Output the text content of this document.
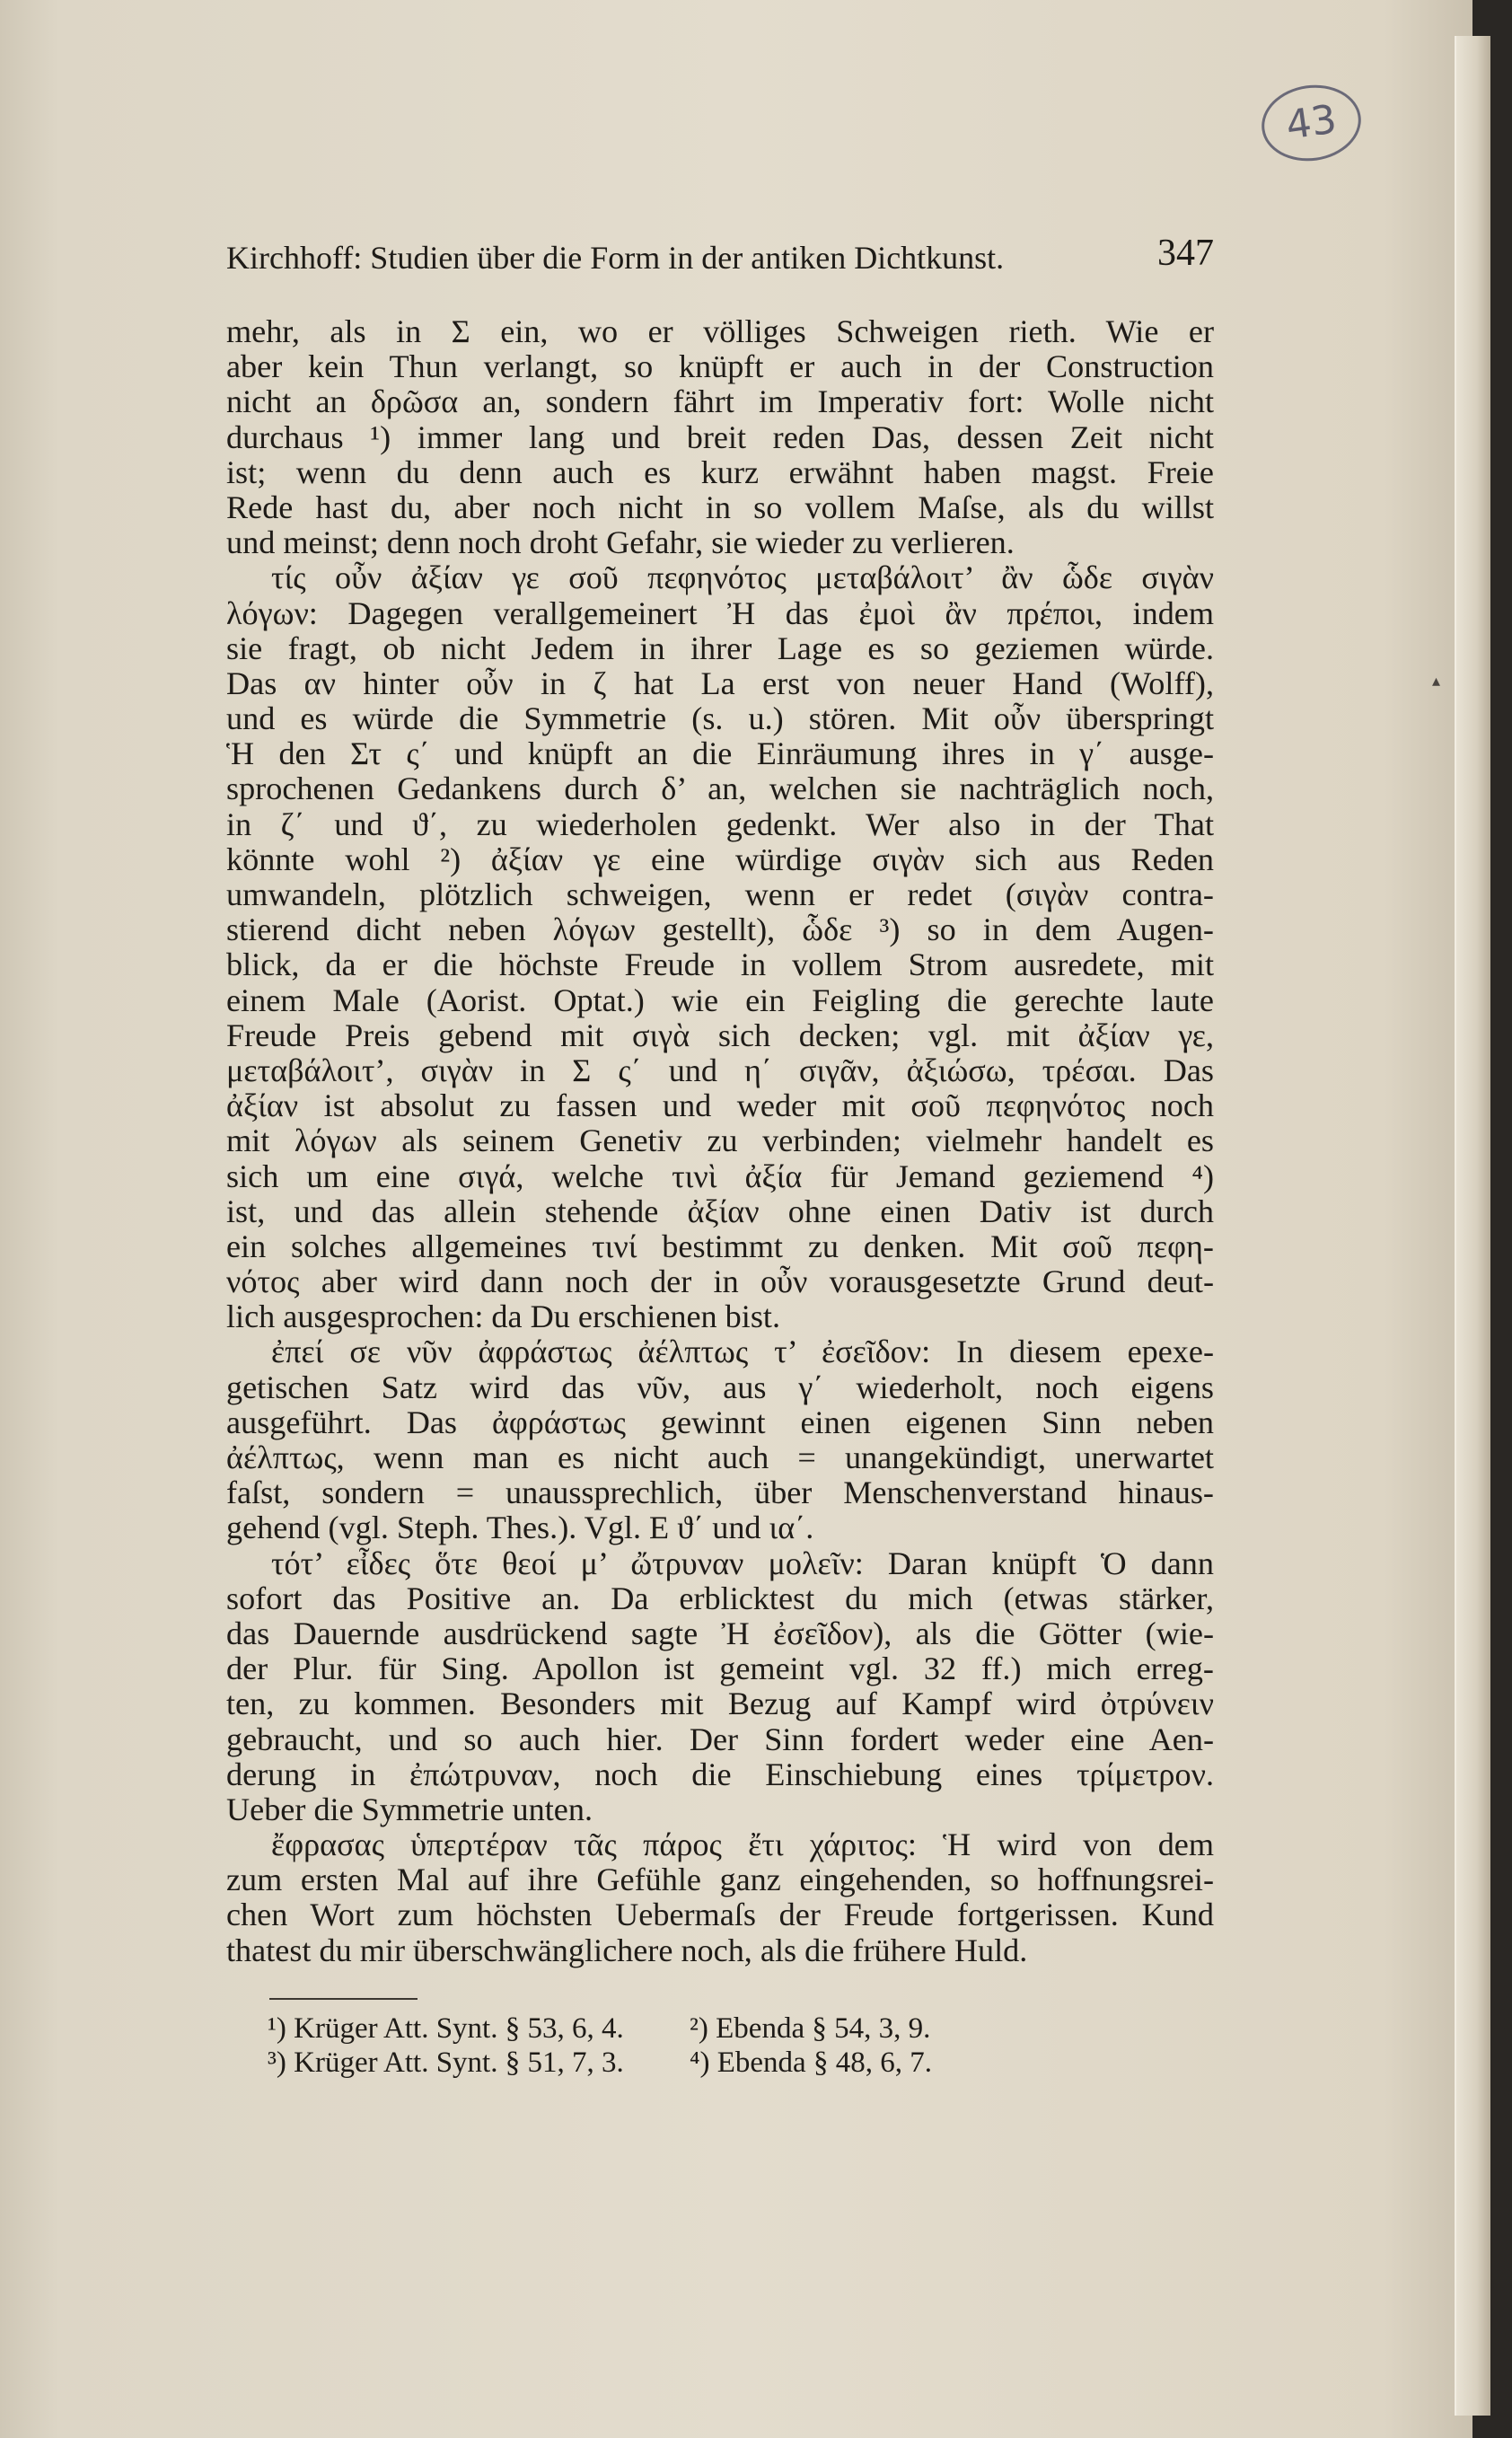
43
Kirchhoff: Studien über die Form in der antiken Dichtkunst.	347
mehr, als in Σ ein, wo er völliges Schweigen rieth. Wie er
aber kein Thun verlangt, so knüpft er auch in der Construction
nicht an δρῶσα an, sondern fährt im Imperativ fort: Wolle nicht
durchaus ¹) immer lang und breit reden Das, dessen Zeit nicht
ist; wenn du denn auch es kurz erwähnt haben magst. Freie
Rede hast du, aber noch nicht in so vollem Maſse, als du willst
und meinst; denn noch droht Gefahr, sie wieder zu verlieren.
τίς οὖν ἀξίαν γε σοῦ πεφηνότος μεταβάλοιτ’ ἂν ὧδε σιγὰν
λόγων: Dagegen verallgemeinert Ἠ das ἐμοὶ ἂν πρέποι, indem
sie fragt, ob nicht Jedem in ihrer Lage es so geziemen würde.
Das αν hinter οὖν in ζ hat La erst von neuer Hand (Wolff),
und es würde die Symmetrie (s. u.) stören. Mit οὖν überspringt
Ἡ den Στ ς΄ und knüpft an die Einräumung ihres in γ΄ ausge-
sprochenen Gedankens durch δ’ an, welchen sie nachträglich noch,
in ζ΄ und ϑ΄, zu wiederholen gedenkt. Wer also in der That
könnte wohl ²) ἀξίαν γε eine würdige σιγὰν sich aus Reden
umwandeln, plötzlich schweigen, wenn er redet (σιγὰν contra-
stierend dicht neben λόγων gestellt), ὧδε ³) so in dem Augen-
blick, da er die höchste Freude in vollem Strom ausredete, mit
einem Male (Aorist. Optat.) wie ein Feigling die gerechte laute
Freude Preis gebend mit σιγὰ sich decken; vgl. mit ἀξίαν γε,
μεταβάλοιτ’, σιγὰν in Σ ς΄ und η΄ σιγᾶν, ἀξιώσω, τρέσαι. Das
ἀξίαν ist absolut zu fassen und weder mit σοῦ πεφηνότος noch
mit λόγων als seinem Genetiv zu verbinden; vielmehr handelt es
sich um eine σιγά, welche τινὶ ἀξία für Jemand geziemend ⁴)
ist, und das allein stehende ἀξίαν ohne einen Dativ ist durch
ein solches allgemeines τινί bestimmt zu denken. Mit σοῦ πεφη-
νότος aber wird dann noch der in οὖν vorausgesetzte Grund deut-
lich ausgesprochen: da Du erschienen bist.
ἐπεί σε νῦν ἀφράστως ἀέλπτως τ’ ἐσεῖδον: In diesem epexe-
getischen Satz wird das νῦν, aus γ΄ wiederholt, noch eigens
ausgeführt. Das ἀφράστως gewinnt einen eigenen Sinn neben
ἀέλπτως, wenn man es nicht auch = unangekündigt, unerwartet
faſst, sondern = unaussprechlich, über Menschenverstand hinaus-
gehend (vgl. Steph. Thes.). Vgl. Ε ϑ΄ und ια΄.
τότ’ εἶδες ὅτε θεοί μ’ ὤτρυναν μολεῖν: Daran knüpft Ὁ dann
sofort das Positive an. Da erblicktest du mich (etwas stärker,
das Dauernde ausdrückend sagte Ἠ ἐσεῖδον), als die Götter (wie-
der Plur. für Sing. Apollon ist gemeint vgl. 32 ff.) mich erreg-
ten, zu kommen. Besonders mit Bezug auf Kampf wird ὀτρύνειν
gebraucht, und so auch hier. Der Sinn fordert weder eine Aen-
derung in ἐπώτρυναν, noch die Einschiebung eines τρίμετρον.
Ueber die Symmetrie unten.
ἔφρασας ὑπερτέραν τᾶς πάρος ἔτι χάριτος: Ἡ wird von dem
zum ersten Mal auf ihre Gefühle ganz eingehenden, so hoffnungsrei-
chen Wort zum höchsten Uebermaſs der Freude fortgerissen. Kund
thatest du mir überschwänglichere noch, als die frühere Huld.
¹) Krüger Att. Synt. § 53, 6, 4.	²) Ebenda § 54, 3, 9.
³) Krüger Att. Synt. § 51, 7, 3.	⁴) Ebenda § 48, 6, 7.
▴
